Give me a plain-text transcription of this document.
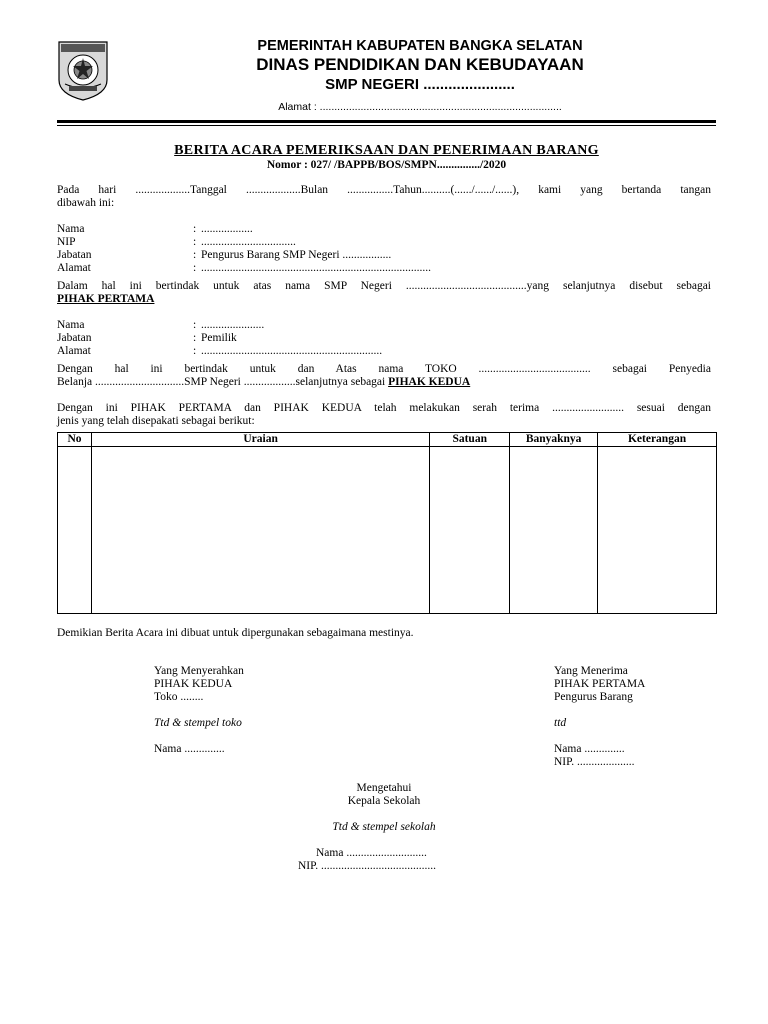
PEMERINTAH KABUPATEN BANGKA SELATAN
DINAS PENDIDIKAN DAN KEBUDAYAAN
SMP NEGERI ......................
Alamat : ...................................................................................
BERITA ACARA PEMERIKSAAN DAN PENERIMAAN BARANG
Nomor : 027/ /BAPPB/BOS/SMPN.............../2020
Pada hari ...................Tanggal ...................Bulan ................Tahun..........(....../....../......), kami yang bertanda tangan
dibawah ini:
Nama	: ..................
NIP	: .................................
Jabatan	: Pengurus Barang SMP Negeri .................
Alamat	: ................................................................................
Dalam hal ini bertindak untuk atas nama SMP Negeri ..........................................yang selanjutnya disebut sebagai
PIHAK PERTAMA
Nama	: ......................
Jabatan	: Pemilik
Alamat	: ...............................................................
Dengan hal ini bertindak untuk dan Atas nama TOKO ....................................... sebagai Penyedia
Belanja ...............................SMP Negeri ..................selanjutnya sebagai PIHAK KEDUA
Dengan ini PIHAK PERTAMA dan PIHAK KEDUA telah melakukan serah terima ......................... sesuai dengan
jenis yang telah disepakati sebagai berikut:
No	Uraian	Satuan	Banyaknya	Keterangan

Demikian Berita Acara ini dibuat untuk dipergunakan sebagaimana mestinya.
Yang Menyerahkan
PIHAK KEDUA
Toko ........
Ttd & stempel toko
Nama ..............
Yang Menerima
PIHAK PERTAMA
Pengurus Barang
ttd
Nama ..............
NIP. ....................
Mengetahui
Kepala Sekolah
Ttd & stempel sekolah
Nama ............................
NIP. ........................................
